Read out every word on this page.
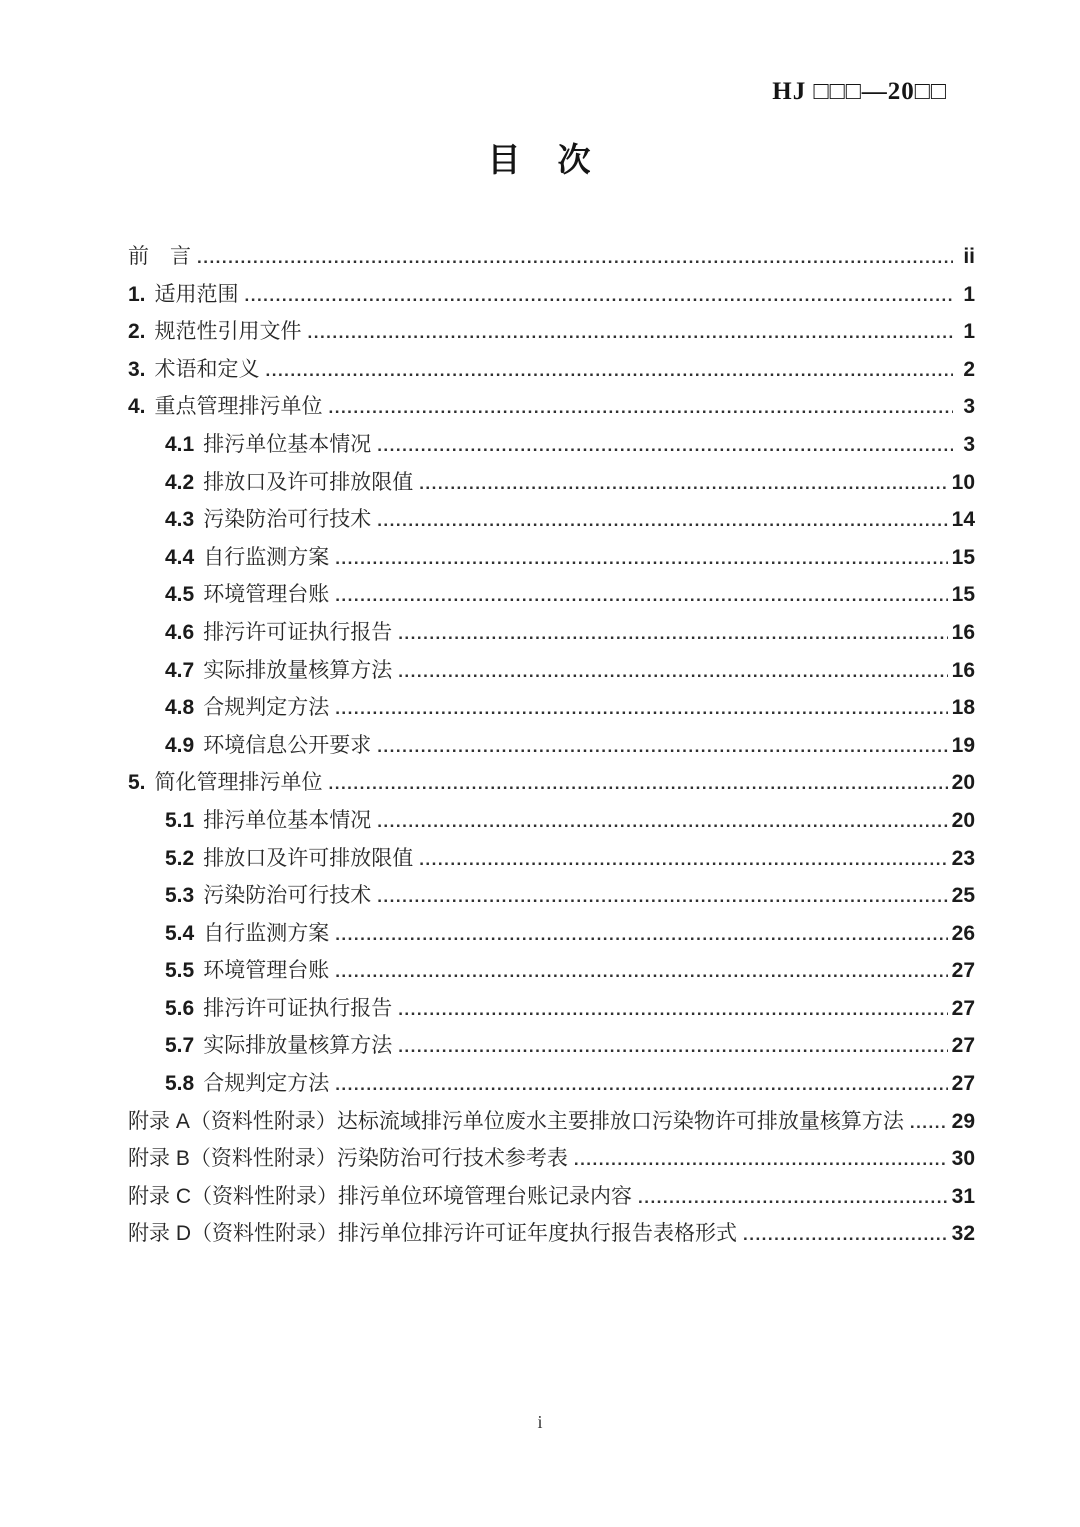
HJ □□□—20□□
目　次
前　言 .....	ii
1. 适用范围 .....	1
2. 规范性引用文件 .....	1
3. 术语和定义 .....	2
4. 重点管理排污单位 .....	3
4.1 排污单位基本情况 .....	3
4.2 排放口及许可排放限值 .....	10
4.3 污染防治可行技术 .....	14
4.4 自行监测方案 .....	15
4.5 环境管理台账 .....	15
4.6 排污许可证执行报告 .....	16
4.7 实际排放量核算方法 .....	16
4.8 合规判定方法 .....	18
4.9 环境信息公开要求 .....	19
5. 简化管理排污单位 .....	20
5.1 排污单位基本情况 .....	20
5.2 排放口及许可排放限值 .....	23
5.3 污染防治可行技术 .....	25
5.4 自行监测方案 .....	26
5.5 环境管理台账 .....	27
5.6 排污许可证执行报告 .....	27
5.7 实际排放量核算方法 .....	27
5.8 合规判定方法 .....	27
附录 A（资料性附录）达标流域排污单位废水主要排放口污染物许可排放量核算方法 ..... 29
附录 B（资料性附录）污染防治可行技术参考表 .....	30
附录 C（资料性附录）排污单位环境管理台账记录内容 .....	31
附录 D（资料性附录）排污单位排污许可证年度执行报告表格形式 .....	32
i
